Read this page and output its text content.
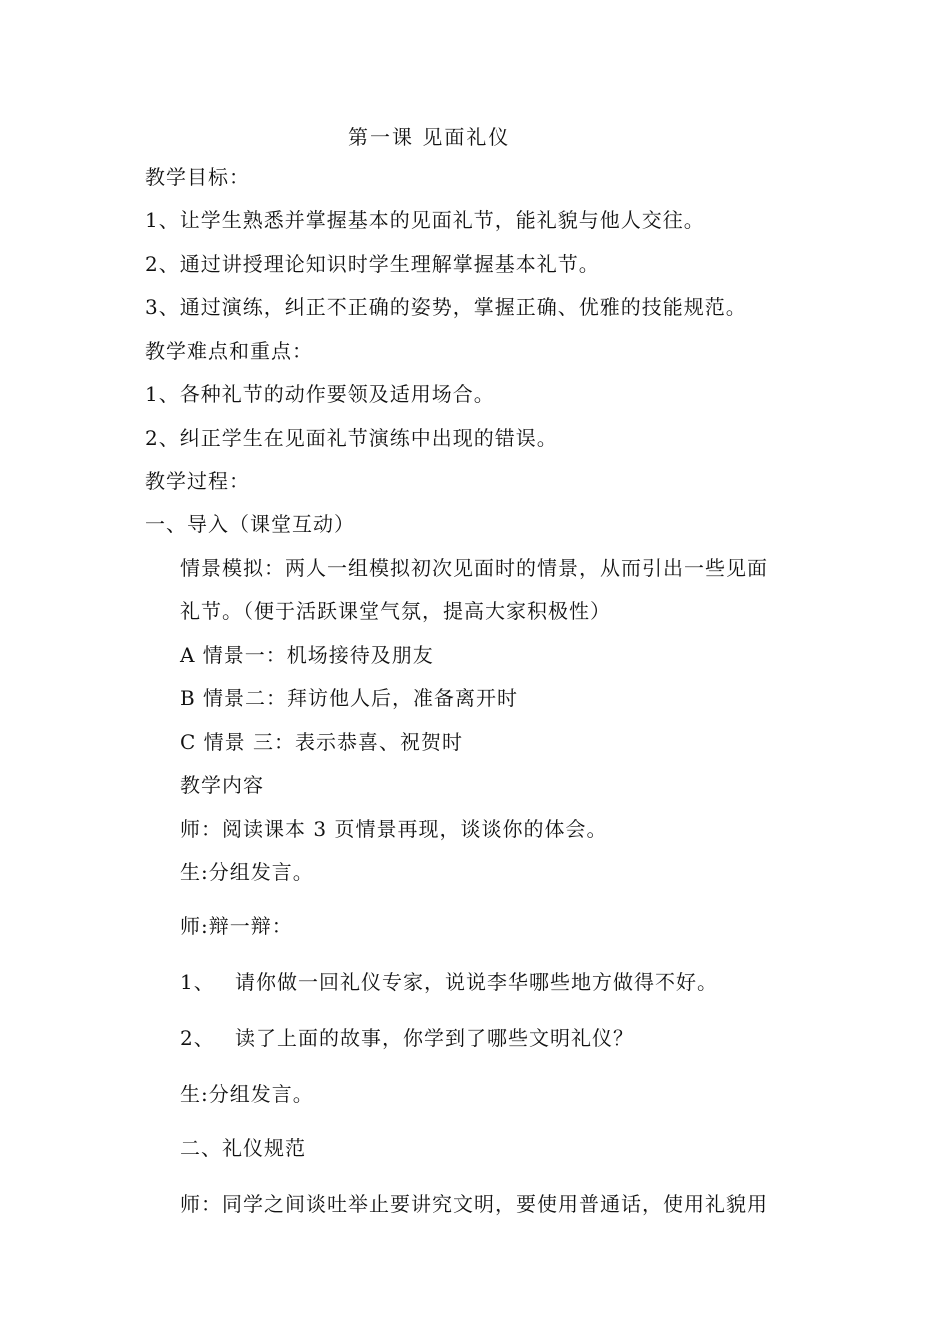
第一课 见面礼仪
教学目标：
1、让学生熟悉并掌握基本的见面礼节，能礼貌与他人交往。
2、通过讲授理论知识时学生理解掌握基本礼节。
3、通过演练，纠正不正确的姿势，掌握正确、优雅的技能规范。
教学难点和重点：
1、各种礼节的动作要领及适用场合。
2、纠正学生在见面礼节演练中出现的错误。
教学过程：
一、导入（课堂互动）
情景模拟：两人一组模拟初次见面时的情景，从而引出一些见面
礼节。（便于活跃课堂气氛，提高大家积极性）
A 情景一：机场接待及朋友
B 情景二：拜访他人后，准备离开时
C 情景 三：表示恭喜、祝贺时
教学内容
师：阅读课本 3 页情景再现，谈谈你的体会。
生:分组发言。
师:辩一辩：
1、 请你做一回礼仪专家，说说李华哪些地方做得不好。
2、 读了上面的故事，你学到了哪些文明礼仪？
生:分组发言。
二、礼仪规范
师：同学之间谈吐举止要讲究文明，要使用普通话，使用礼貌用
